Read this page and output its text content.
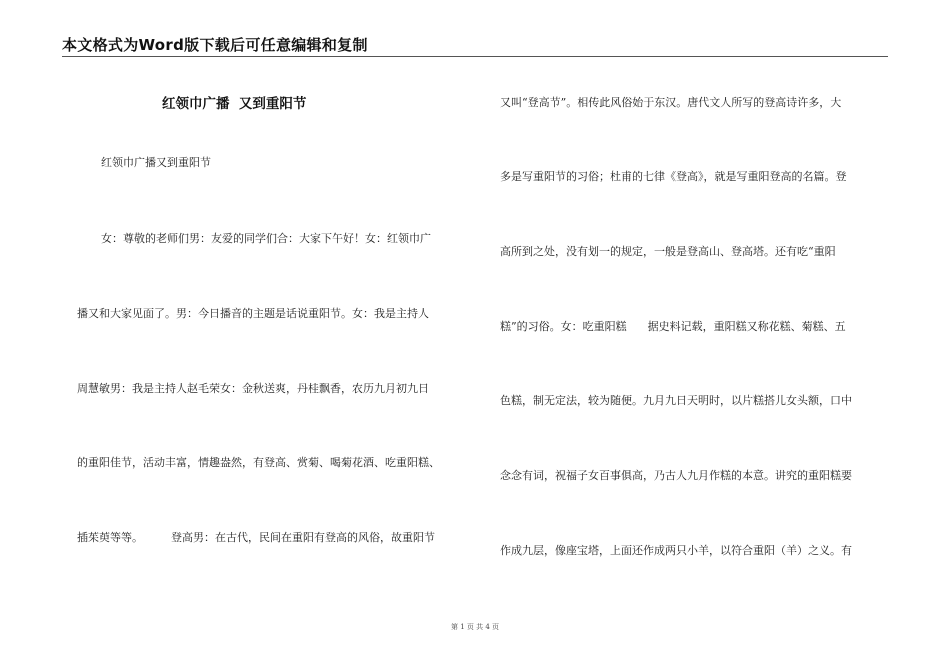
本文格式为Word版下载后可任意编辑和复制
红领巾广播  又到重阳节
红领巾广播又到重阳节
女：尊敬的老师们男：友爱的同学们合：大家下午好！女：红领巾广
播又和大家见面了。男：今日播音的主题是话说重阳节。女：我是主持人
周慧敏男：我是主持人赵毛荣女：金秋送爽，丹桂飘香，农历九月初九日
的重阳佳节，活动丰富，情趣盎然，有登高、赏菊、喝菊花酒、吃重阳糕、
插茱萸等等。        登高男：在古代，民间在重阳有登高的风俗，故重阳节
又叫“登高节”。相传此风俗始于东汉。唐代文人所写的登高诗许多，大
多是写重阳节的习俗；杜甫的七律《登高》，就是写重阳登高的名篇。登
高所到之处，没有划一的规定，一般是登高山、登高塔。还有吃“重阳
糕”的习俗。女：吃重阳糕      据史料记载，重阳糕又称花糕、菊糕、五
色糕，制无定法，较为随便。九月九日天明时，以片糕搭儿女头额，口中
念念有词，祝福子女百事俱高，乃古人九月作糕的本意。讲究的重阳糕要
作成九层，像座宝塔，上面还作成两只小羊，以符合重阳（羊）之义。有
第 1 页 共 4 页
